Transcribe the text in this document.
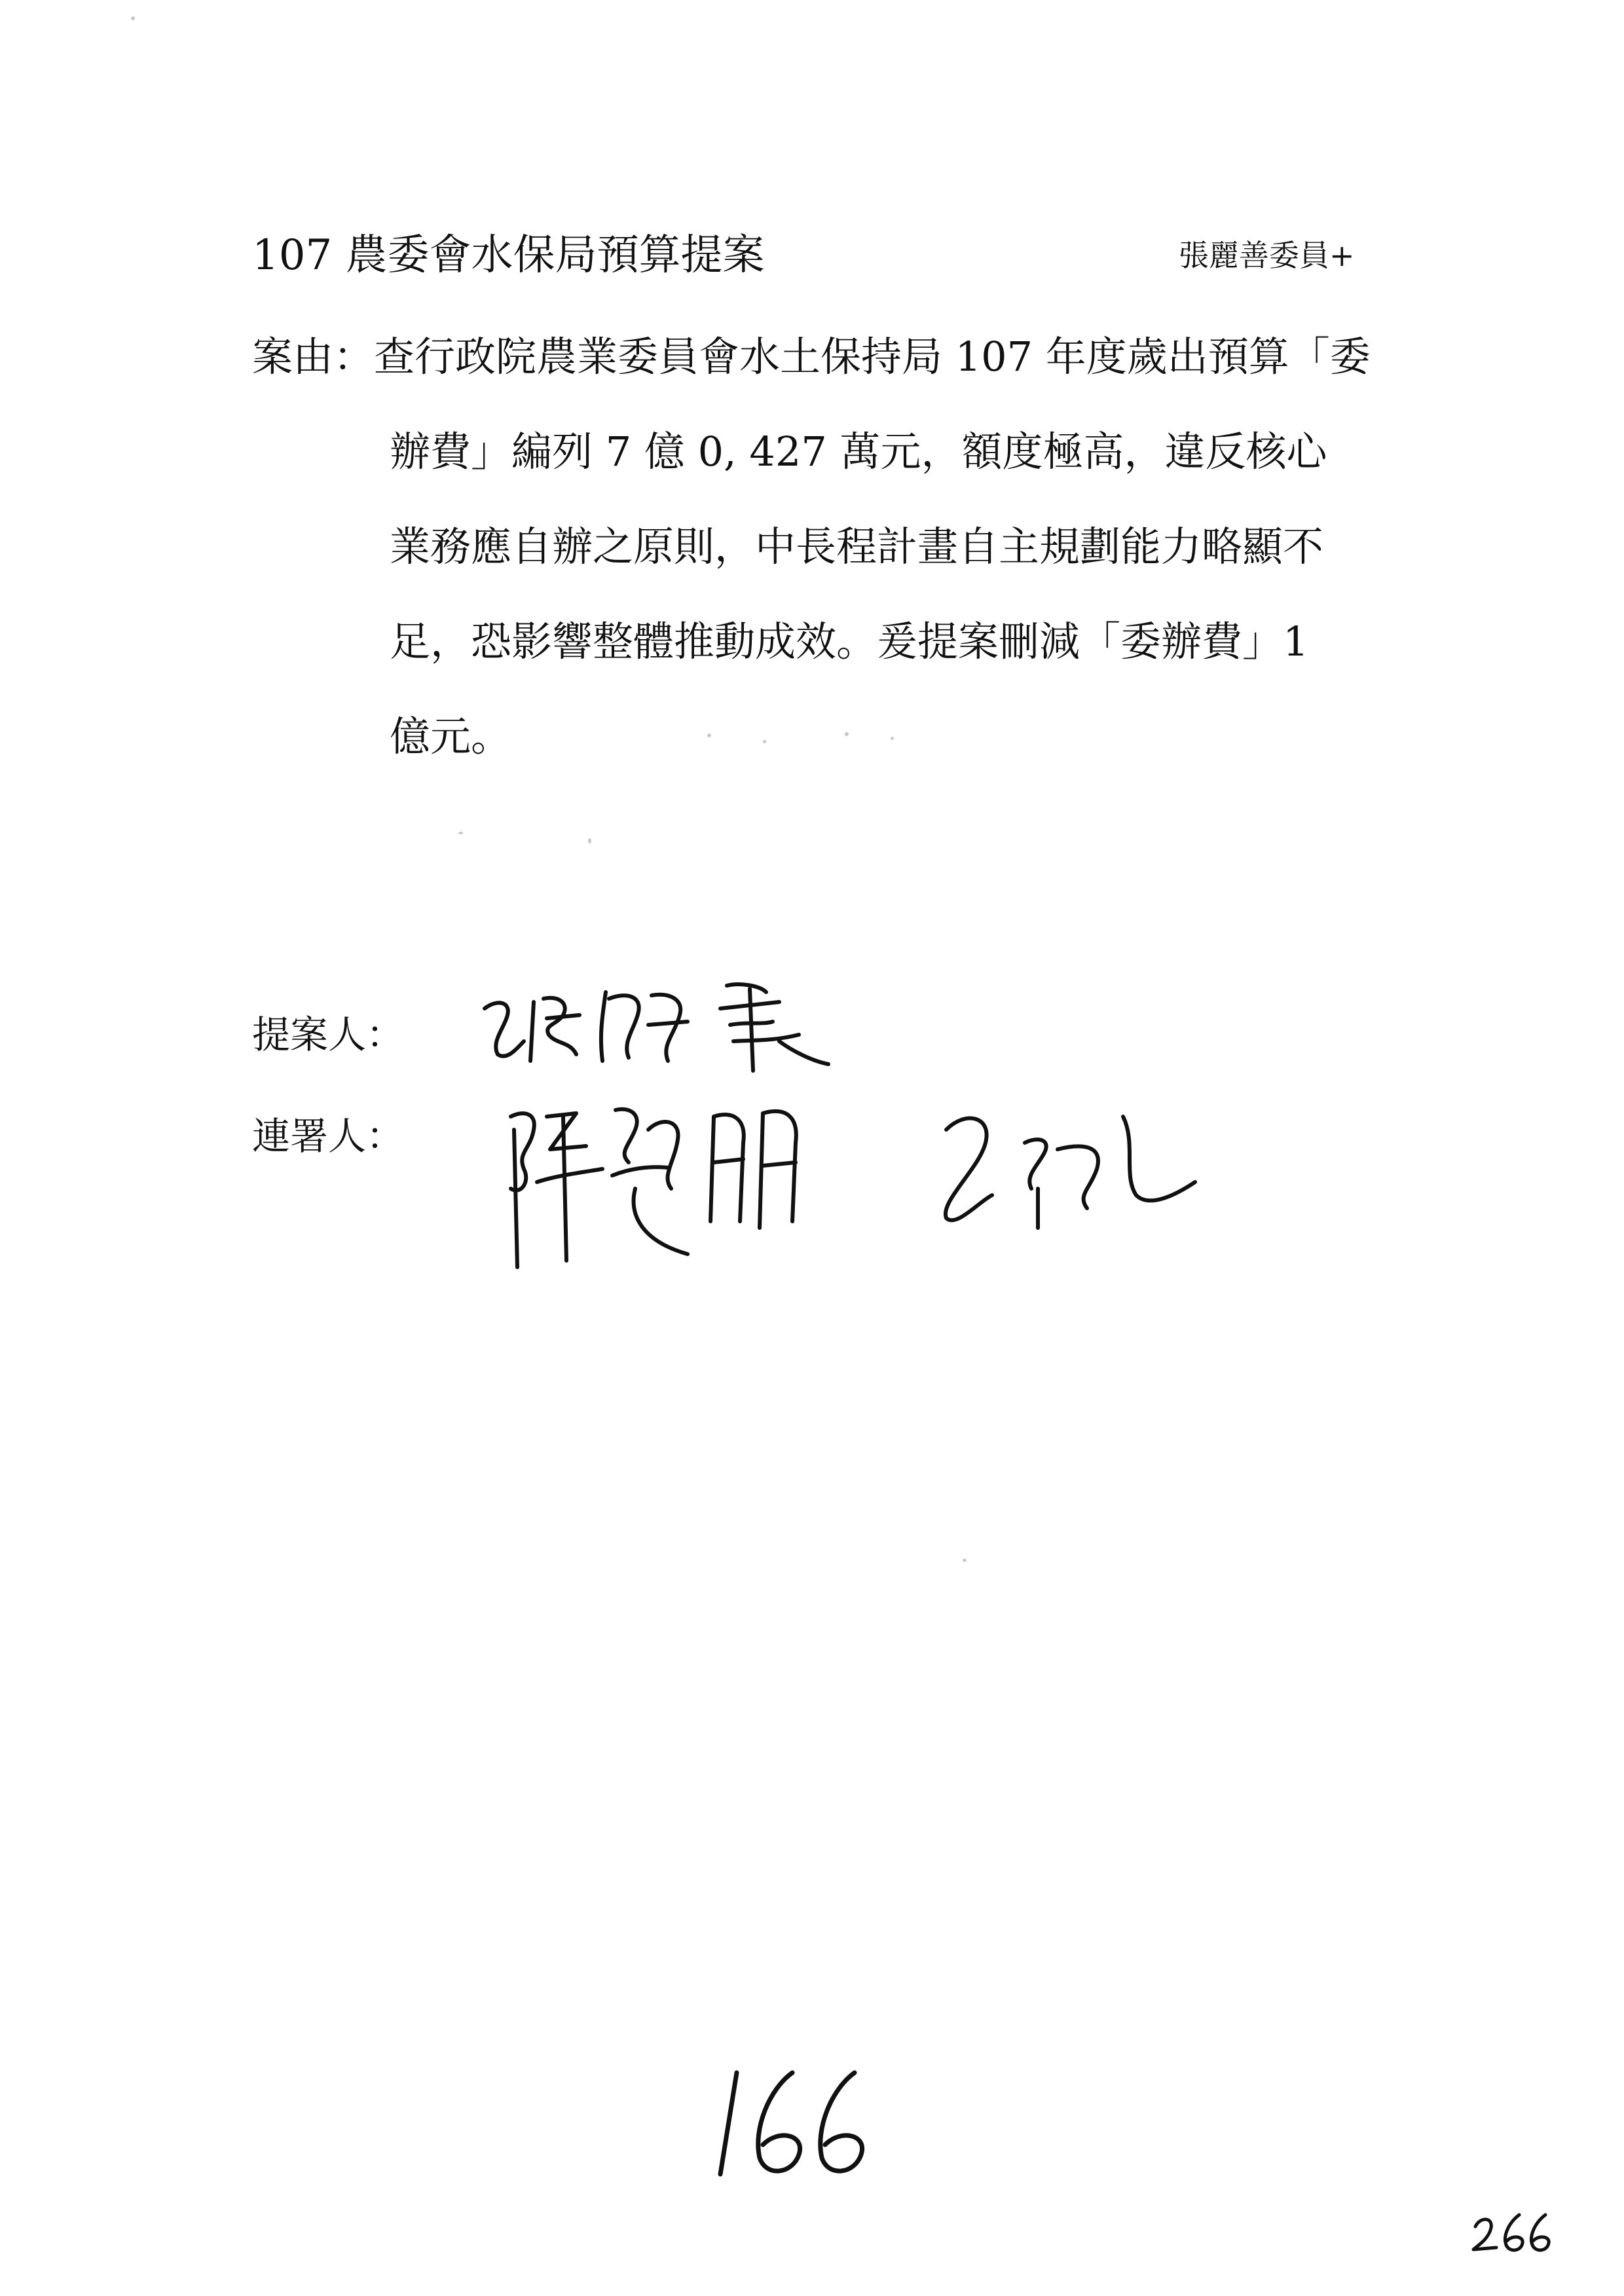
107 農委會水保局預算提案	張麗善委員+

案由：查行政院農業委員會水土保持局 107 年度歲出預算「委

辦費」編列 7 億 0, 427 萬元，額度極高，違反核心

業務應自辦之原則，中長程計畫自主規劃能力略顯不

足，恐影響整體推動成效。爰提案刪減「委辦費」1

億元。

提案人：

連署人：
